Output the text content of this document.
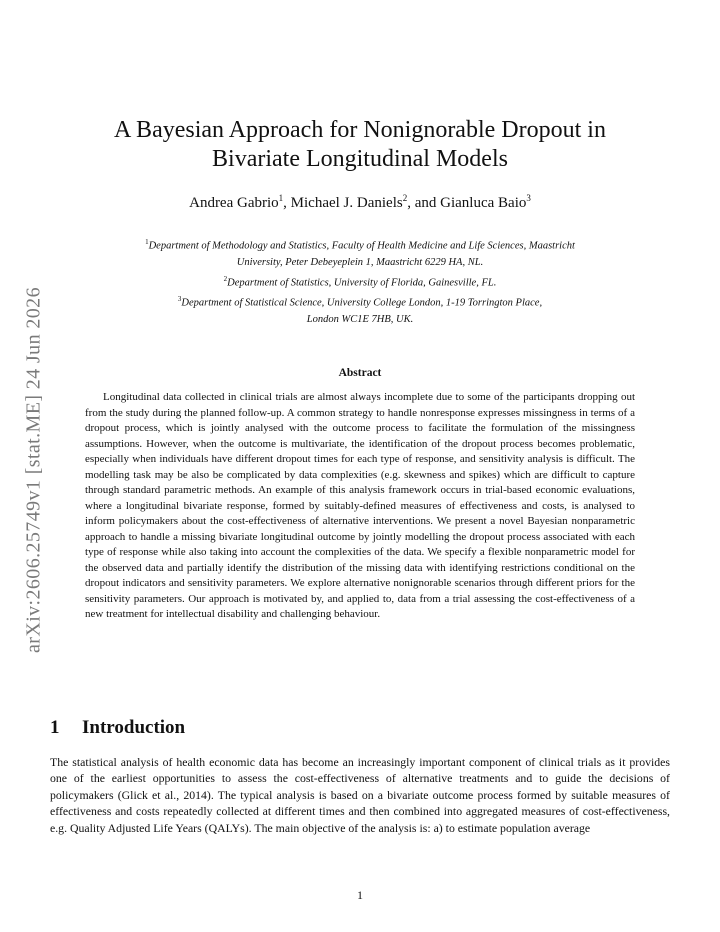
arXiv:2606.25749v1 [stat.ME] 24 Jun 2026
A Bayesian Approach for Nonignorable Dropout in
Bivariate Longitudinal Models
Andrea Gabrio$^1$, Michael J. Daniels$^2$, and Gianluca Baio$^3$
$^1$Department of Methodology and Statistics, Faculty of Health Medicine and Life Sciences, Maastricht
University, Peter Debeyeplein 1, Maastricht 6229 HA, NL.
$^2$Department of Statistics, University of Florida, Gainesville, FL.
$^3$Department of Statistical Science, University College London, 1-19 Torrington Place,
London WC1E 7HB, UK.
Abstract

Longitudinal data collected in clinical trials are almost always incomplete due to some of the participants dropping out from the study during the planned follow-up. A common strategy to handle nonresponse expresses missingness in terms of a dropout process, which is jointly analysed with the outcome process to facilitate the formulation of the missingness assumptions. However, when the outcome is multivariate, the identification of the dropout process becomes problematic, especially when individuals have different dropout times for each type of response, and sensitivity analysis is difficult. The modelling task may be also be complicated by data complexities (e.g. skewness and spikes) which are difficult to capture through standard parametric methods. An example of this analysis framework occurs in trial-based economic evaluations, where a longitudinal bivariate response, formed by suitably-defined measures of effectiveness and costs, is analysed to inform policymakers about the cost-effectiveness of alternative interventions. We present a novel Bayesian nonparametric approach to handle a missing bivariate longitudinal outcome by jointly modelling the dropout process associated with each type of response while also taking into account the complexities of the data. We specify a flexible nonparametric model for the observed data and partially identify the distribution of the missing data with identifying restrictions conditional on the dropout indicators and sensitivity parameters. We explore alternative nonignorable scenarios through different priors for the sensitivity parameters. Our approach is motivated by, and applied to, data from a trial assessing the cost-effectiveness of a new treatment for intellectual disability and challenging behaviour.

1 Introduction

The statistical analysis of health economic data has become an increasingly important component of clinical trials as it provides one of the earliest opportunities to assess the cost-effectiveness of alternative treatments and to guide the decisions of policymakers (Glick et al., 2014). The typical analysis is based on a bivariate outcome process formed by suitable measures of effectiveness and costs repeatedly collected at different times and then combined into aggregated measures of cost-effectiveness, e.g. Quality Adjusted Life Years (QALYs). The main objective of the analysis is: a) to estimate population average

1
